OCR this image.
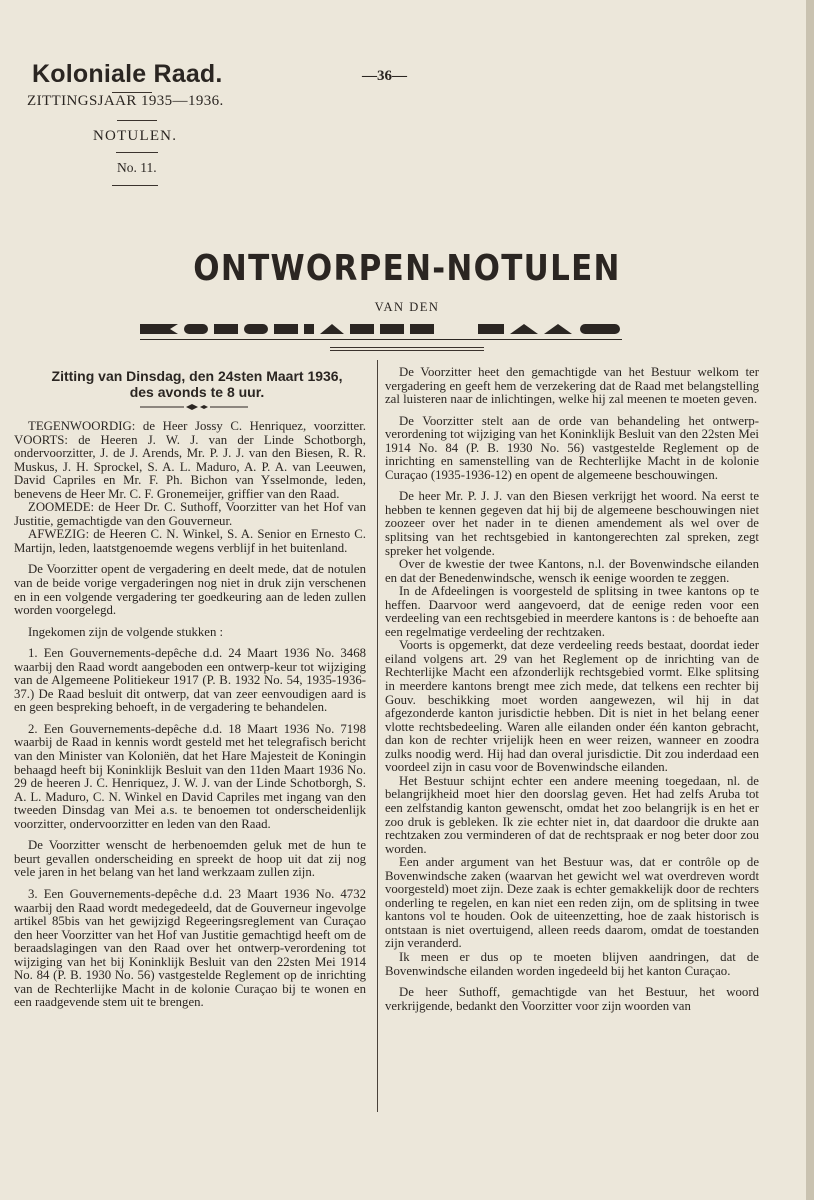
Koloniale Raad.	—36—
ZITTINGSJAAR 1935—1936.
NOTULEN.
No. 11.
ONTWORPEN-NOTULEN
VAN DEN
Zitting van Dinsdag, den 24sten Maart 1936,
des avonds te 8 uur.

TEGENWOORDIG: de Heer Jossy C. Henriquez, voorzitter. VOORTS: de Heeren J. W. J. van der Linde Schotborgh, ondervoorzitter, J. de J. Arends, Mr. P. J. J. van den Biesen, R. R. Muskus, J. H. Sprockel, S. A. L. Maduro, A. P. A. van Leeuwen, David Capriles en Mr. F. Ph. Bichon van Ysselmonde, leden, benevens de Heer Mr. C. F. Gronemeijer, griffier van den Raad.

ZOOMEDE: de Heer Dr. C. Suthoff, Voorzitter van het Hof van Justitie, gemachtigde van den Gouverneur.

AFWEZIG: de Heeren C. N. Winkel, S. A. Senior en Ernesto C. Martijn, leden, laatstgenoemde wegens verblijf in het buitenland.

De Voorzitter opent de vergadering en deelt mede, dat de notulen van de beide vorige vergaderingen nog niet in druk zijn verschenen en in een volgende vergadering ter goedkeuring aan de leden zullen worden voorgelegd.

Ingekomen zijn de volgende stukken :

1. Een Gouvernements-depêche d.d. 24 Maart 1936 No. 3468 waarbij den Raad wordt aangeboden een ontwerp-keur tot wijziging van de Algemeene Politiekeur 1917 (P. B. 1932 No. 54, 1935-1936-37.) De Raad besluit dit ontwerp, dat van zeer eenvoudigen aard is en geen bespreking behoeft, in de vergadering te behandelen.

2. Een Gouvernements-depêche d.d. 18 Maart 1936 No. 7198 waarbij de Raad in kennis wordt gesteld met het telegrafisch bericht van den Minister van Koloniën, dat het Hare Majesteit de Koningin behaagd heeft bij Koninklijk Besluit van den 11den Maart 1936 No. 29 de heeren J. C. Henriquez, J. W. J. van der Linde Schotborgh, S. A. L. Maduro, C. N. Winkel en David Capriles met ingang van den tweeden Dinsdag van Mei a.s. te benoemen tot onderscheidenlijk voorzitter, ondervoorzitter en leden van den Raad.

De Voorzitter wenscht de herbenoemden geluk met de hun te beurt gevallen onderscheiding en spreekt de hoop uit dat zij nog vele jaren in het belang van het land werkzaam zullen zijn.

3. Een Gouvernements-depêche d.d. 23 Maart 1936 No. 4732 waarbij den Raad wordt medegedeeld, dat de Gouverneur ingevolge artikel 85bis van het gewijzigd Regeeringsreglement van Curaçao den heer Voorzitter van het Hof van Justitie gemachtigd heeft om de beraadslagingen van den Raad over het ontwerp-verordening tot wijziging van het bij Koninklijk Besluit van den 22sten Mei 1914 No. 84 (P. B. 1930 No. 56) vastgestelde Reglement op de inrichting van de Rechterlijke Macht in de kolonie Curaçao bij te wonen en een raadgevende stem uit te brengen.

De Voorzitter heet den gemachtigde van het Bestuur welkom ter vergadering en geeft hem de verzekering dat de Raad met belangstelling zal luisteren naar de inlichtingen, welke hij zal meenen te moeten geven.

De Voorzitter stelt aan de orde van behandeling het ontwerp-verordening tot wijziging van het Koninklijk Besluit van den 22sten Mei 1914 No. 84 (P. B. 1930 No. 56) vastgestelde Reglement op de inrichting en samenstelling van de Rechterlijke Macht in de kolonie Curaçao (1935-1936-12) en opent de algemeene beschouwingen.

De heer Mr. P. J. J. van den Biesen verkrijgt het woord. Na eerst te hebben te kennen gegeven dat hij bij de algemeene beschouwingen niet zoozeer over het nader in te dienen amendement als wel over de splitsing van het rechtsgebied in kantongerechten zal spreken, zegt spreker het volgende.

Over de kwestie der twee Kantons, n.l. der Bovenwindsche eilanden en dat der Benedenwindsche, wensch ik eenige woorden te zeggen.

In de Afdeelingen is voorgesteld de splitsing in twee kantons op te heffen. Daarvoor werd aangevoerd, dat de eenige reden voor een verdeeling van een rechtsgebied in meerdere kantons is : de behoefte aan een regelmatige verdeeling der rechtzaken.

Voorts is opgemerkt, dat deze verdeeling reeds bestaat, doordat ieder eiland volgens art. 29 van het Reglement op de inrichting van de Rechterlijke Macht een afzonderlijk rechtsgebied vormt. Elke splitsing in meerdere kantons brengt mee zich mede, dat telkens een rechter bij Gouv. beschikking moet worden aangewezen, wil hij in dat afgezonderde kanton jurisdictie hebben. Dit is niet in het belang eener vlotte rechtsbedeeling. Waren alle eilanden onder één kanton gebracht, dan kon de rechter vrijelijk heen en weer reizen, wanneer en zoodra zulks noodig werd. Hij had dan overal jurisdictie. Dit zou inderdaad een voordeel zijn in casu voor de Bovenwindsche eilanden.

Het Bestuur schijnt echter een andere meening toegedaan, nl. de belangrijkheid moet hier den doorslag geven. Het had zelfs Aruba tot een zelfstandig kanton gewenscht, omdat het zoo belangrijk is en het er zoo druk is gebleken. Ik zie echter niet in, dat daardoor die drukte aan rechtzaken zou verminderen of dat de rechtspraak er nog beter door zou worden.

Een ander argument van het Bestuur was, dat er contrôle op de Bovenwindsche zaken (waarvan het gewicht wel wat overdreven wordt voorgesteld) moet zijn. Deze zaak is echter gemakkelijk door de rechters onderling te regelen, en kan niet een reden zijn, om de splitsing in twee kantons vol te houden. Ook de uiteenzetting, hoe de zaak historisch is ontstaan is niet overtuigend, alleen reeds daarom, omdat de toestanden zijn veranderd.

Ik meen er dus op te moeten blijven aandringen, dat de Bovenwindsche eilanden worden ingedeeld bij het kanton Curaçao.

De heer Suthoff, gemachtigde van het Bestuur, het woord verkrijgende, bedankt den Voorzitter voor zijn woorden van
